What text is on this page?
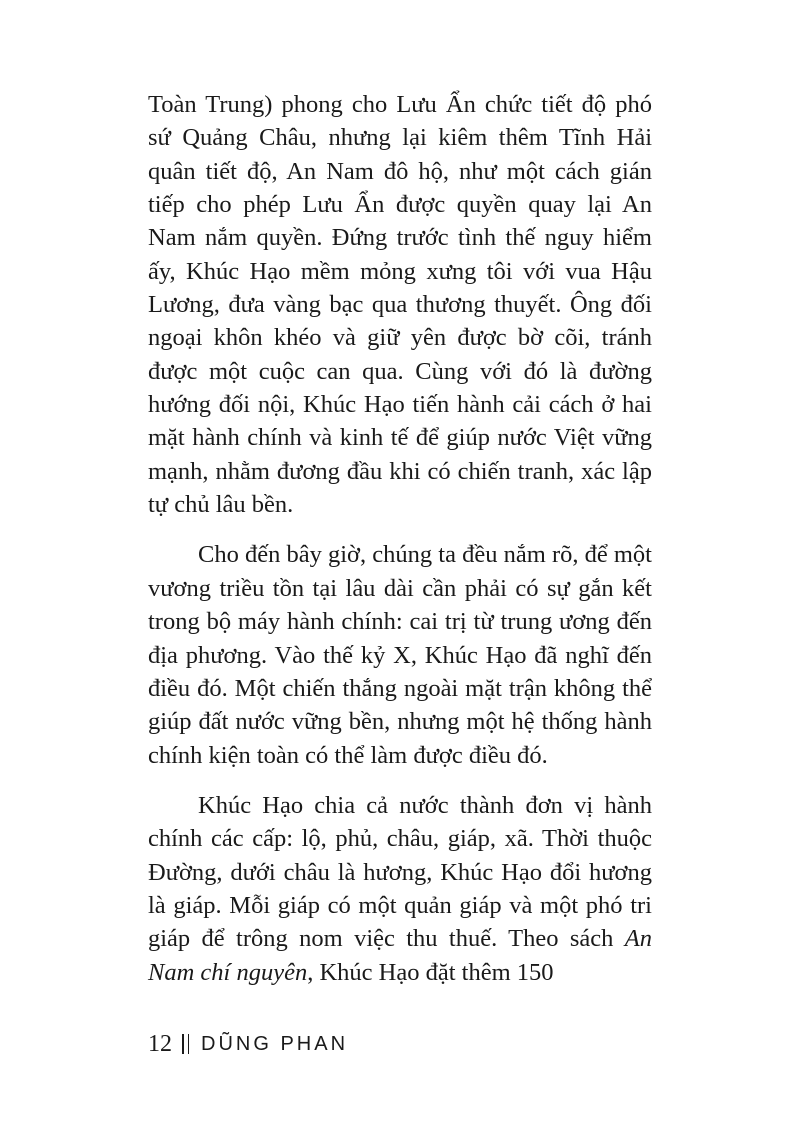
Toàn Trung) phong cho Lưu Ẩn chức tiết độ phó sứ Quảng Châu, nhưng lại kiêm thêm Tĩnh Hải quân tiết độ, An Nam đô hộ, như một cách gián tiếp cho phép Lưu Ẩn được quyền quay lại An Nam nắm quyền. Đứng trước tình thế nguy hiểm ấy, Khúc Hạo mềm mỏng xưng tôi với vua Hậu Lương, đưa vàng bạc qua thương thuyết. Ông đối ngoại khôn khéo và giữ yên được bờ cõi, tránh được một cuộc can qua. Cùng với đó là đường hướng đối nội, Khúc Hạo tiến hành cải cách ở hai mặt hành chính và kinh tế để giúp nước Việt vững mạnh, nhằm đương đầu khi có chiến tranh, xác lập tự chủ lâu bền.

Cho đến bây giờ, chúng ta đều nắm rõ, để một vương triều tồn tại lâu dài cần phải có sự gắn kết trong bộ máy hành chính: cai trị từ trung ương đến địa phương. Vào thế kỷ X, Khúc Hạo đã nghĩ đến điều đó. Một chiến thắng ngoài mặt trận không thể giúp đất nước vững bền, nhưng một hệ thống hành chính kiện toàn có thể làm được điều đó.

Khúc Hạo chia cả nước thành đơn vị hành chính các cấp: lộ, phủ, châu, giáp, xã. Thời thuộc Đường, dưới châu là hương, Khúc Hạo đổi hương là giáp. Mỗi giáp có một quản giáp và một phó tri giáp để trông nom việc thu thuế. Theo sách An Nam chí nguyên, Khúc Hạo đặt thêm 150

12 DŨNG PHAN
